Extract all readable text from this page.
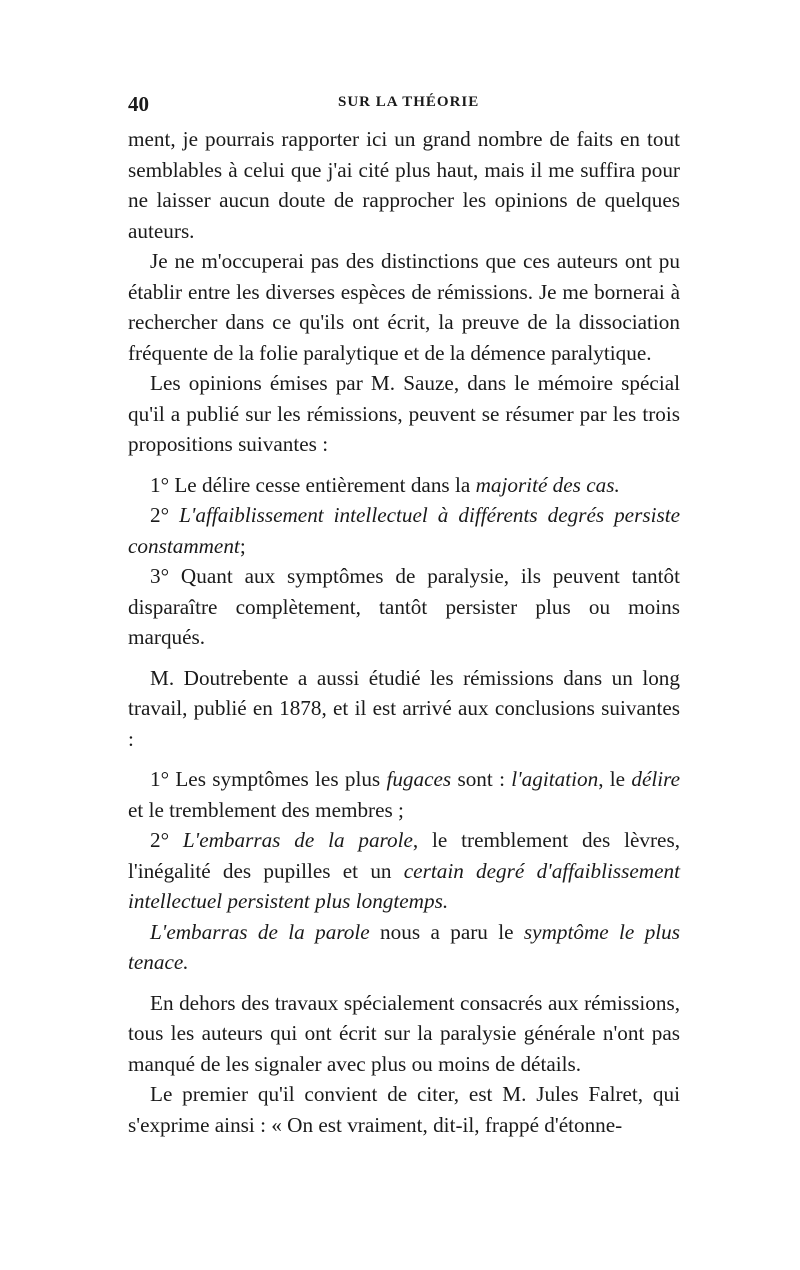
40	SUR LA THÉORIE

ment, je pourrais rapporter ici un grand nombre de faits en tout semblables à celui que j'ai cité plus haut, mais il me suffira pour ne laisser aucun doute de rapprocher les opinions de quelques auteurs.

Je ne m'occuperai pas des distinctions que ces auteurs ont pu établir entre les diverses espèces de rémissions. Je me bornerai à rechercher dans ce qu'ils ont écrit, la preuve de la dissociation fréquente de la folie paralytique et de la démence paralytique.

Les opinions émises par M. Sauze, dans le mémoire spécial qu'il a publié sur les rémissions, peuvent se résumer par les trois propositions suivantes :

1° Le délire cesse entièrement dans la majorité des cas.

2° L'affaiblissement intellectuel à différents degrés persiste constamment;

3° Quant aux symptômes de paralysie, ils peuvent tantôt disparaître complètement, tantôt persister plus ou moins marqués.

M. Doutrebente a aussi étudié les rémissions dans un long travail, publié en 1878, et il est arrivé aux conclusions suivantes :

1° Les symptômes les plus fugaces sont : l'agitation, le délire et le tremblement des membres ;

2° L'embarras de la parole, le tremblement des lèvres, l'inégalité des pupilles et un certain degré d'affaiblissement intellectuel persistent plus longtemps.

L'embarras de la parole nous a paru le symptôme le plus tenace.

En dehors des travaux spécialement consacrés aux rémissions, tous les auteurs qui ont écrit sur la paralysie générale n'ont pas manqué de les signaler avec plus ou moins de détails.

Le premier qu'il convient de citer, est M. Jules Falret, qui s'exprime ainsi : « On est vraiment, dit-il, frappé d'étonne-
